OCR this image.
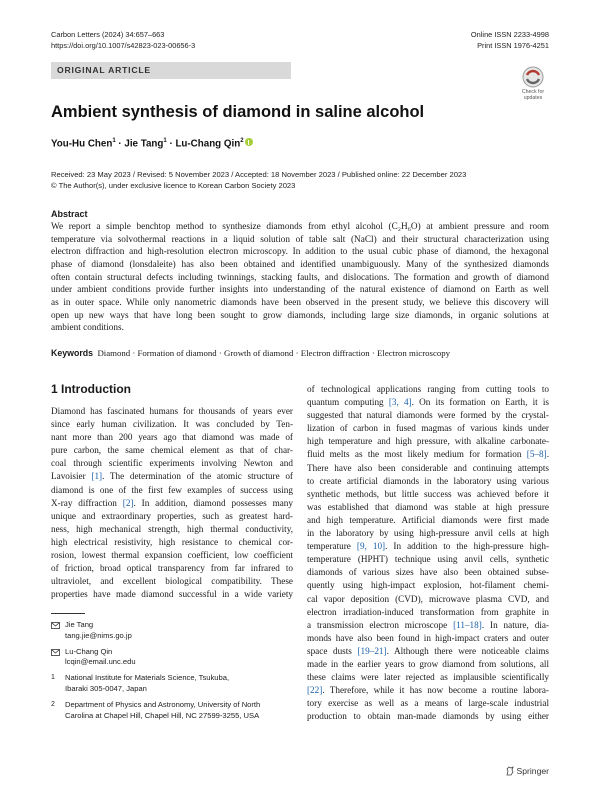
Carbon Letters (2024) 34:657–663
https://doi.org/10.1007/s42823-023-00656-3
Online ISSN 2233-4998
Print ISSN 1976-4251
ORIGINAL ARTICLE
Check for
updates
Ambient synthesis of diamond in saline alcohol
You-Hu Chen$^1$ · Jie Tang$^1$ · Lu-Chang Qin$^2$
Received: 23 May 2023 / Revised: 5 November 2023 / Accepted: 18 November 2023 / Published online: 22 December 2023
© The Author(s), under exclusive licence to Korean Carbon Society 2023
Abstract
We report a simple benchtop method to synthesize diamonds from ethyl alcohol (C₂H₆O) at ambient pressure and room
temperature via solvothermal reactions in a liquid solution of table salt (NaCl) and their structural characterization using
electron diffraction and high-resolution electron microscopy. In addition to the usual cubic phase of diamond, the hexagonal
phase of diamond (lonsdaleite) has also been obtained and identified unambiguously. Many of the synthesized diamonds
often contain structural defects including twinnings, stacking faults, and dislocations. The formation and growth of diamond
under ambient conditions provide further insights into understanding of the natural existence of diamond on Earth as well
as in outer space. While only nanometric diamonds have been observed in the present study, we believe this discovery will
open up new ways that have long been sought to grow diamonds, including large size diamonds, in organic solutions at
ambient conditions.
Keywords Diamond · Formation of diamond · Growth of diamond · Electron diffraction · Electron microscopy
1 Introduction
Diamond has fascinated humans for thousands of years ever
since early human civilization. It was concluded by Ten-
nant more than 200 years ago that diamond was made of
pure carbon, the same chemical element as that of char-
coal through scientific experiments involving Newton and
Lavoisier [1]. The determination of the atomic structure of
diamond is one of the first few examples of success using
X-ray diffraction [2]. In addition, diamond possesses many
unique and extraordinary properties, such as greatest hard-
ness, high mechanical strength, high thermal conductivity,
high electrical resistivity, high resistance to chemical cor-
rosion, lowest thermal expansion coefficient, low coefficient
of friction, broad optical transparency from far infrared to
ultraviolet, and excellent biological compatibility. These
properties have made diamond successful in a wide variety
of technological applications ranging from cutting tools to
quantum computing [3, 4]. On its formation on Earth, it is
suggested that natural diamonds were formed by the crystal-
lization of carbon in fused magmas of various kinds under
high temperature and high pressure, with alkaline carbonate-
fluid melts as the most likely medium for formation [5–8].
There have also been considerable and continuing attempts
to create artificial diamonds in the laboratory using various
synthetic methods, but little success was achieved before it
was established that diamond was stable at high pressure
and high temperature. Artificial diamonds were first made
in the laboratory by using high-pressure anvil cells at high
temperature [9, 10]. In addition to the high-pressure high-
temperature (HPHT) technique using anvil cells, synthetic
diamonds of various sizes have also been obtained subse-
quently using high-impact explosion, hot-filament chemi-
cal vapor deposition (CVD), microwave plasma CVD, and
electron irradiation-induced transformation from graphite in
a transmission electron microscope [11–18]. In nature, dia-
monds have also been found in high-impact craters and outer
space dusts [19–21]. Although there were noticeable claims
made in the earlier years to grow diamond from solutions, all
these claims were later rejected as implausible scientifically
[22]. Therefore, while it has now become a routine labora-
tory exercise as well as a means of large-scale industrial
production to obtain man-made diamonds by using either
Jie Tang
tang.jie@nims.go.jp
Lu-Chang Qin
lcqin@email.unc.edu
1 National Institute for Materials Science, Tsukuba,
Ibaraki 305-0047, Japan
2 Department of Physics and Astronomy, University of North
Carolina at Chapel Hill, Chapel Hill, NC 27599-3255, USA
Springer
